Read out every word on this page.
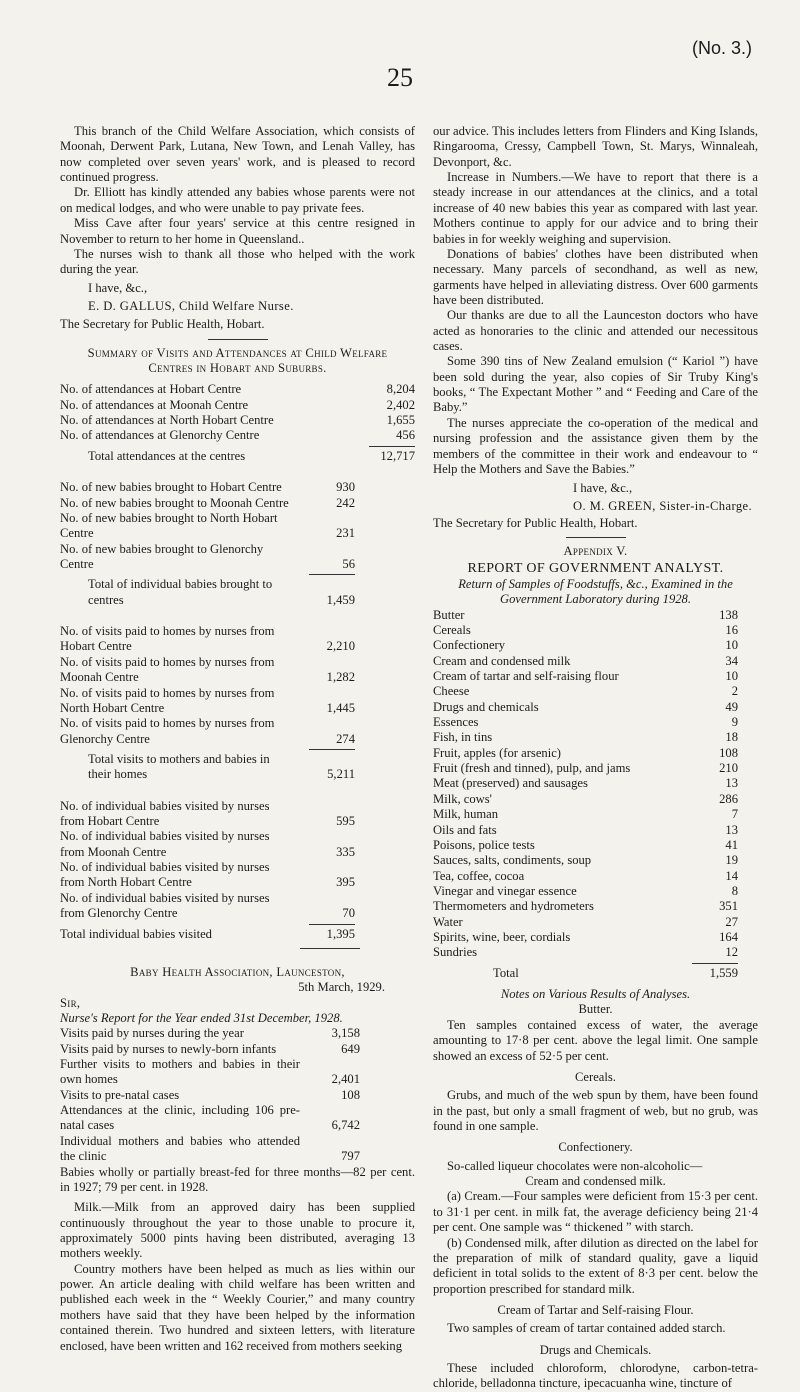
(No. 3.)
25

This branch of the Child Welfare Association, which consists of Moonah, Derwent Park, Lutana, New Town, and Lenah Valley, has now completed over seven years' work, and is pleased to record continued progress.

Dr. Elliott has kindly attended any babies whose parents were not on medical lodges, and who were unable to pay private fees.

Miss Cave after four years' service at this centre resigned in November to return to her home in Queensland..

The nurses wish to thank all those who helped with the work during the year.

I have, &c.,

E. D. GALLUS, Child Welfare Nurse.

The Secretary for Public Health, Hobart.

Summary of Visits and Attendances at Child Welfare

Centres in Hobart and Suburbs.

No. of attendances at Hobart Centre	8,204
No. of attendances at Moonah Centre	2,402
No. of attendances at North Hobart Centre	1,655
No. of attendances at Glenorchy Centre	456
Total attendances at the centres	12,717
No. of new babies brought to Hobart Centre	930
No. of new babies brought to Moonah Centre	242
No. of new babies brought to North Hobart Centre	231
No. of new babies brought to Glenorchy Centre	56
Total of individual babies brought to centres	1,459
No. of visits paid to homes by nurses from Hobart Centre	2,210
No. of visits paid to homes by nurses from Moonah Centre	1,282
No. of visits paid to homes by nurses from North Hobart Centre	1,445
No. of visits paid to homes by nurses from Glenorchy Centre	274
Total visits to mothers and babies in their homes	5,211
No. of individual babies visited by nurses from Hobart Centre	595
No. of individual babies visited by nurses from Moonah Centre	335
No. of individual babies visited by nurses from North Hobart Centre	395
No. of individual babies visited by nurses from Glenorchy Centre	70
Total individual babies visited	1,395

Baby Health Association, Launceston,

5th March, 1929.

Sir,

Nurse's Report for the Year ended 31st December, 1928.

Visits paid by nurses during the year	3,158
Visits paid by nurses to newly-born infants	649
Further visits to mothers and babies in their own homes	2,401
Visits to pre-natal cases	108
Attendances at the clinic, including 106 pre-natal cases	6,742
Individual mothers and babies who attended the clinic	797

Babies wholly or partially breast-fed for three months—82 per cent. in 1927; 79 per cent. in 1928.

Milk.—Milk from an approved dairy has been supplied continuously throughout the year to those unable to procure it, approximately 5000 pints having been distributed, averaging 13 mothers weekly.

Country mothers have been helped as much as lies within our power. An article dealing with child welfare has been written and published each week in the “ Weekly Courier,” and many country mothers have said that they have been helped by the information contained therein. Two hundred and sixteen letters, with literature enclosed, have been written and 162 received from mothers seeking

our advice. This includes letters from Flinders and King Islands, Ringarooma, Cressy, Campbell Town, St. Marys, Winnaleah, Devonport, &c.

Increase in Numbers.—We have to report that there is a steady increase in our attendances at the clinics, and a total increase of 40 new babies this year as compared with last year. Mothers continue to apply for our advice and to bring their babies in for weekly weighing and supervision.

Donations of babies' clothes have been distributed when necessary. Many parcels of secondhand, as well as new, garments have helped in alleviating distress. Over 600 garments have been distributed.

Our thanks are due to all the Launceston doctors who have acted as honoraries to the clinic and attended our necessitous cases.

Some 390 tins of New Zealand emulsion (“ Kariol ”) have been sold during the year, also copies of Sir Truby King's books, “ The Expectant Mother ” and “ Feeding and Care of the Baby.”

The nurses appreciate the co-operation of the medical and nursing profession and the assistance given them by the members of the committee in their work and endeavour to “ Help the Mothers and Save the Babies.”

I have, &c.,

O. M. GREEN, Sister-in-Charge.

The Secretary for Public Health, Hobart.

Appendix V.

REPORT OF GOVERNMENT ANALYST.

Return of Samples of Foodstuffs, &c., Examined in the Government Laboratory during 1928.

Butter	138
Cereals	16
Confectionery	10
Cream and condensed milk	34
Cream of tartar and self-raising flour	10
Cheese	2
Drugs and chemicals	49
Essences	9
Fish, in tins	18
Fruit, apples (for arsenic)	108
Fruit (fresh and tinned), pulp, and jams	210
Meat (preserved) and sausages	13
Milk, cows'	286
Milk, human	7
Oils and fats	13
Poisons, police tests	41
Sauces, salts, condiments, soup	19
Tea, coffee, cocoa	14
Vinegar and vinegar essence	8
Thermometers and hydrometers	351
Water	27
Spirits, wine, beer, cordials	164
Sundries	12
Total	1,559

Notes on Various Results of Analyses.

Butter.

Ten samples contained excess of water, the average amounting to 17·8 per cent. above the legal limit. One sample showed an excess of 52·5 per cent.

Cereals.

Grubs, and much of the web spun by them, have been found in the past, but only a small fragment of web, but no grub, was found in one sample.

Confectionery.

So-called liqueur chocolates were non-alcoholic—

Cream and condensed milk.

(a) Cream.—Four samples were deficient from 15·3 per cent. to 31·1 per cent. in milk fat, the average deficiency being 21·4 per cent. One sample was “ thickened ” with starch.

(b) Condensed milk, after dilution as directed on the label for the preparation of milk of standard quality, gave a liquid deficient in total solids to the extent of 8·3 per cent. below the proportion prescribed for standard milk.

Cream of Tartar and Self-raising Flour.

Two samples of cream of tartar contained added starch.

Drugs and Chemicals.

These included chloroform, chlorodyne, carbon-tetra-chloride, belladonna tincture, ipecacuanha wine, tincture of
